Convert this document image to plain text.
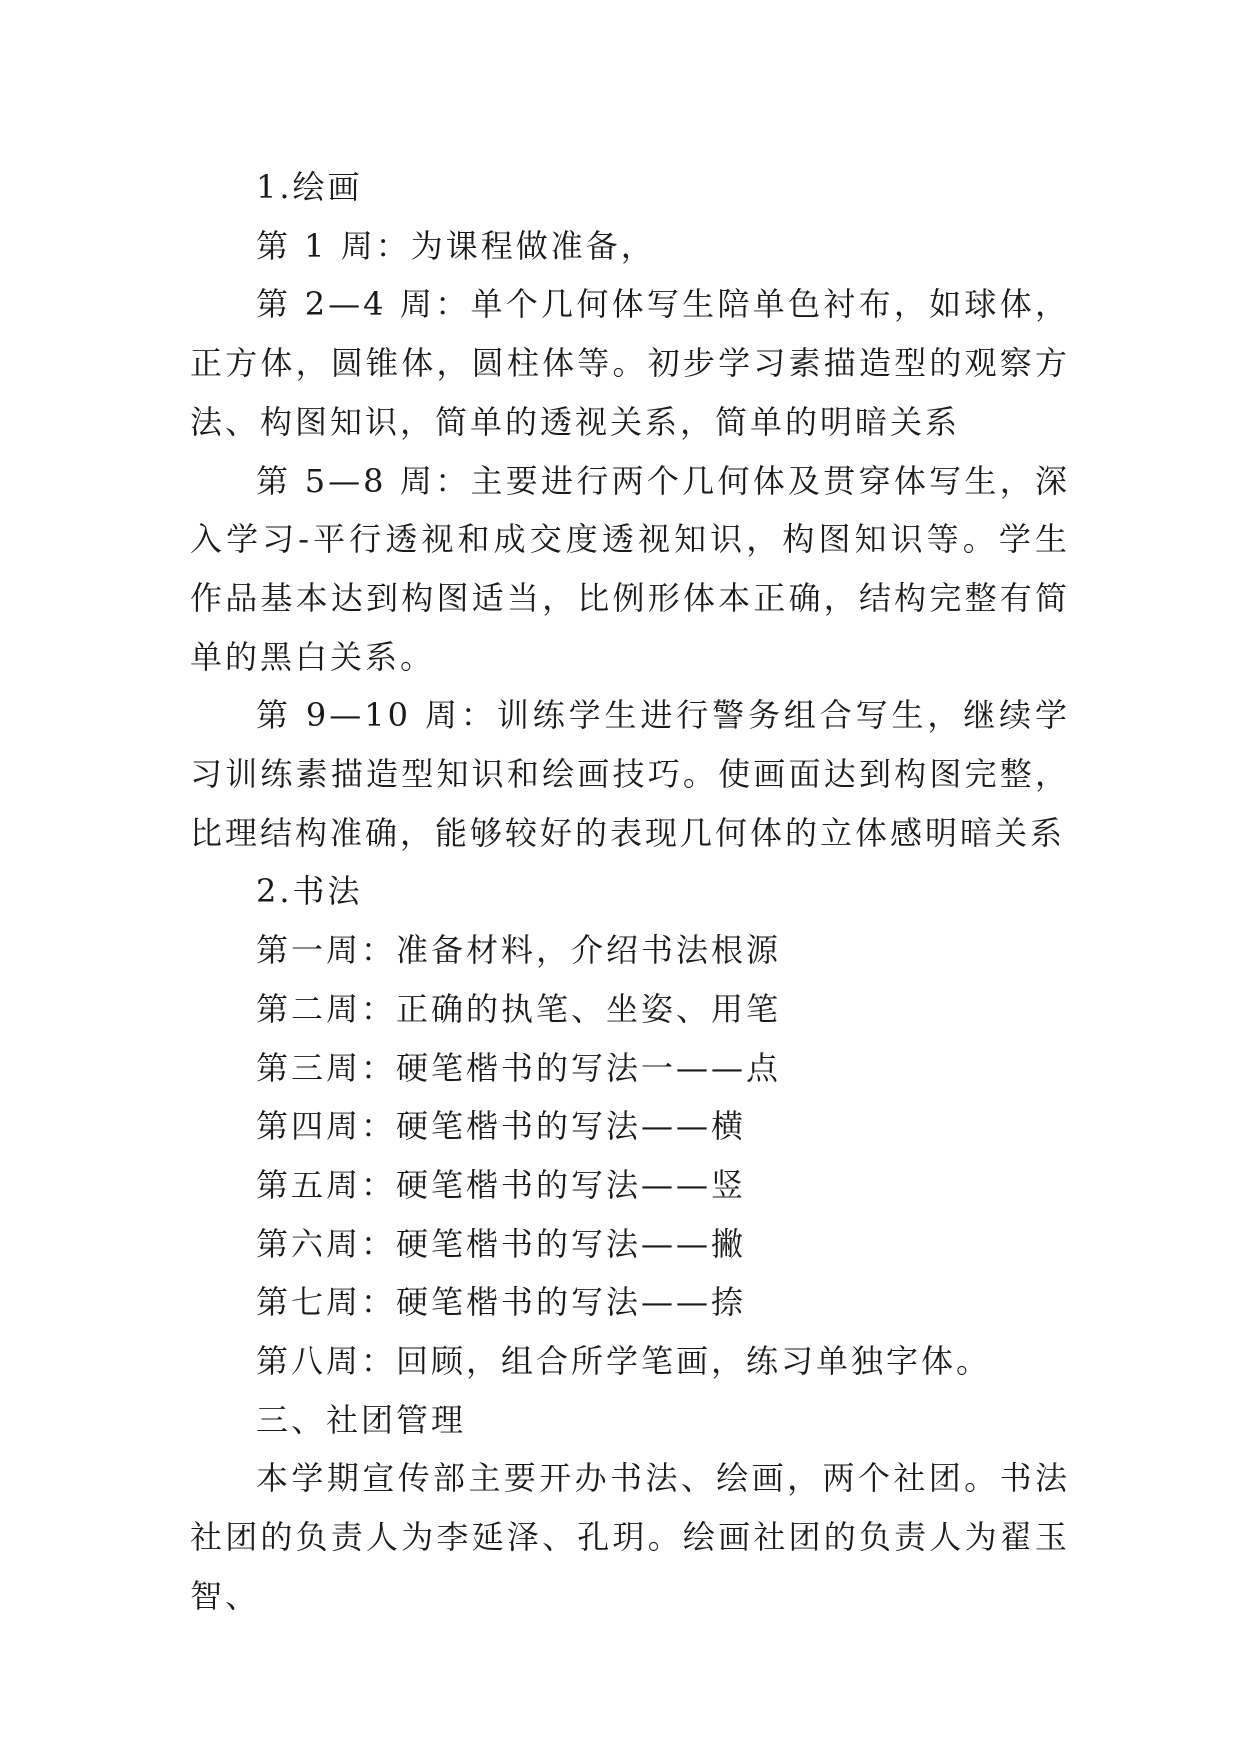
1.绘画

第 1 周：为课程做准备，

第 2—4 周：单个几何体写生陪单色衬布，如球体，正方体，圆锥体，圆柱体等。初步学习素描造型的观察方法、构图知识，简单的透视关系，简单的明暗关系

第 5—8 周：主要进行两个几何体及贯穿体写生，深入学习-平行透视和成交度透视知识，构图知识等。学生作品基本达到构图适当，比例形体本正确，结构完整有简单的黑白关系。

第 9—10 周：训练学生进行警务组合写生，继续学习训练素描造型知识和绘画技巧。使画面达到构图完整，比理结构准确，能够较好的表现几何体的立体感明暗关系

2.书法

第一周：准备材料，介绍书法根源

第二周：正确的执笔、坐姿、用笔

第三周：硬笔楷书的写法一——点

第四周：硬笔楷书的写法——横

第五周：硬笔楷书的写法——竖

第六周：硬笔楷书的写法——撇

第七周：硬笔楷书的写法——捺

第八周：回顾，组合所学笔画，练习单独字体。

三、社团管理

本学期宣传部主要开办书法、绘画，两个社团。书法社团的负责人为李延泽、孔玥。绘画社团的负责人为翟玉智、
